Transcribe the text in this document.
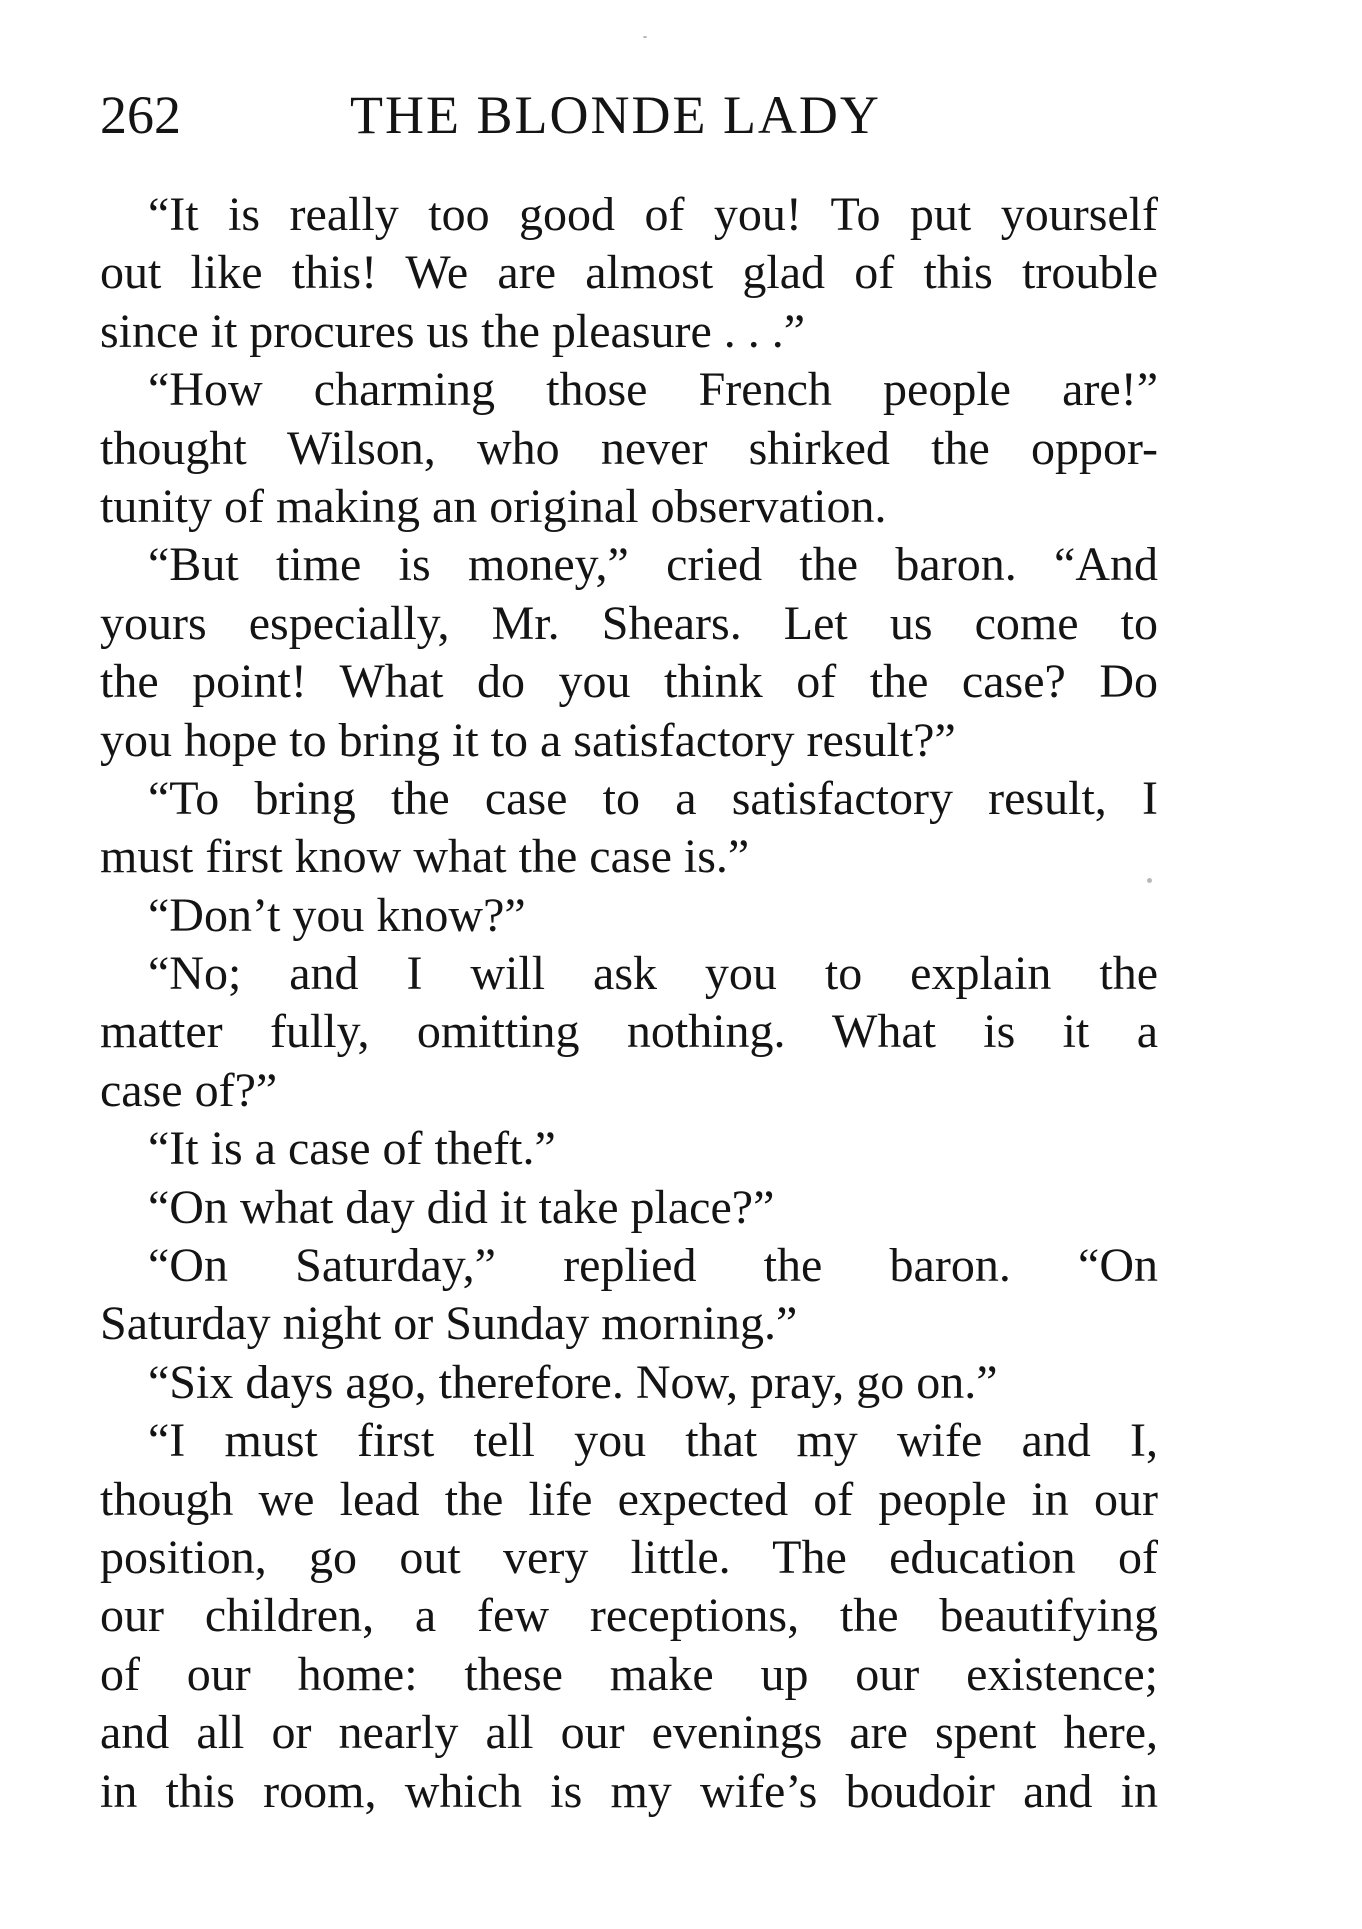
262	THE BLONDE LADY
“It is really too good of you! To put yourself
out like this! We are almost glad of this trouble
since it procures us the pleasure . . .”
“How charming those French people are!”
thought Wilson, who never shirked the oppor-
tunity of making an original observation.
“But time is money,” cried the baron. “And
yours especially, Mr. Shears. Let us come to
the point! What do you think of the case? Do
you hope to bring it to a satisfactory result?”
“To bring the case to a satisfactory result, I
must first know what the case is.”
“Don’t you know?”
“No; and I will ask you to explain the
matter fully, omitting nothing. What is it a
case of?”
“It is a case of theft.”
“On what day did it take place?”
“On Saturday,” replied the baron. “On
Saturday night or Sunday morning.”
“Six days ago, therefore. Now, pray, go on.”
“I must first tell you that my wife and I,
though we lead the life expected of people in our
position, go out very little. The education of
our children, a few receptions, the beautifying
of our home: these make up our existence;
and all or nearly all our evenings are spent here,
in this room, which is my wife’s boudoir and in
